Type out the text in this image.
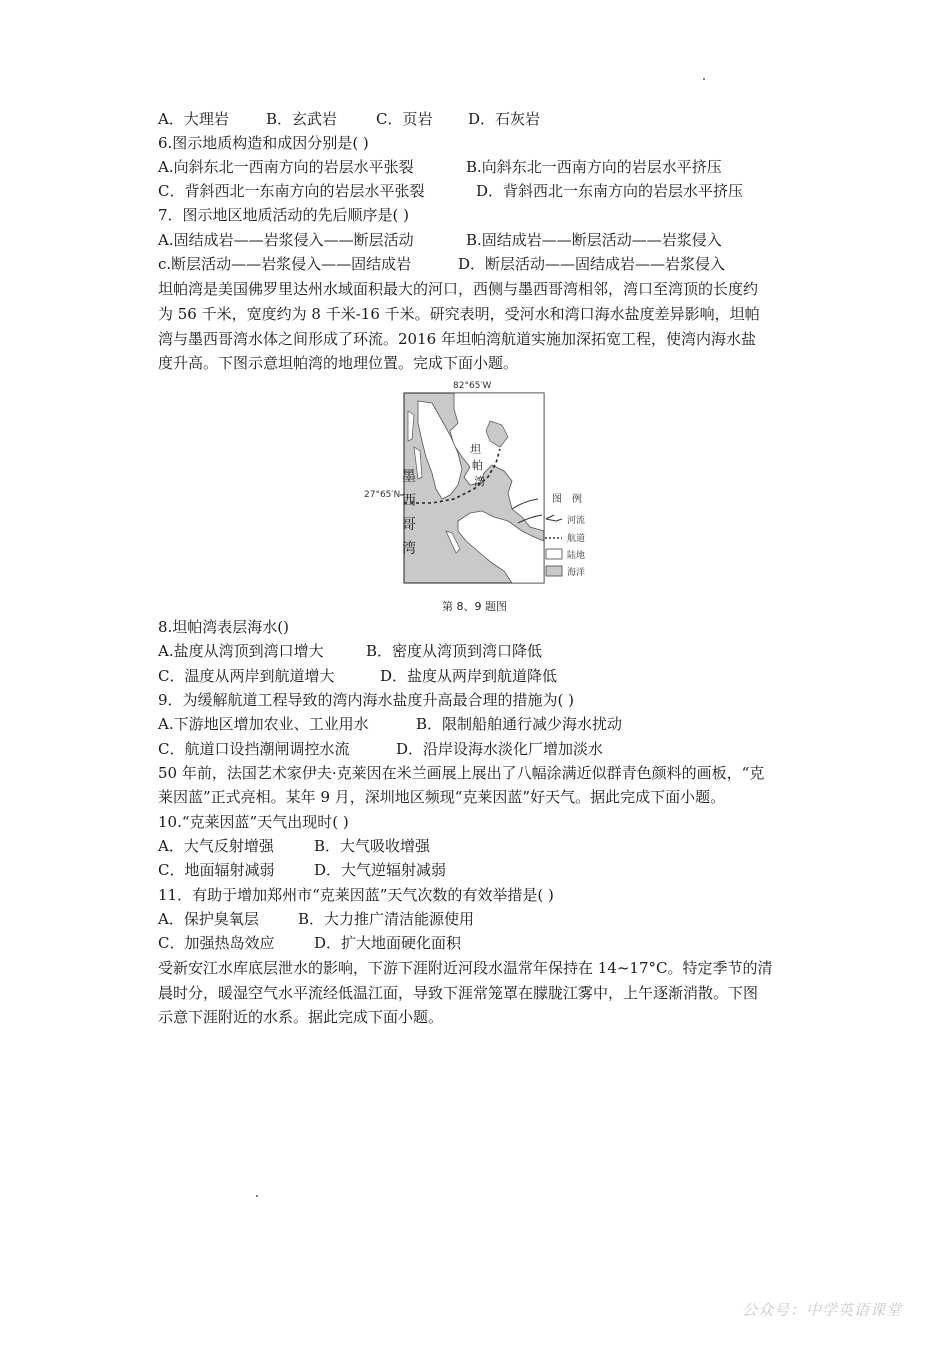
A．大理岩 B．玄武岩	C．页岩 D．石灰岩
6.图示地质构造和成因分别是( )
A.向斜东北一西南方向的岩层水平张裂	B.向斜东北一西南方向的岩层水平挤压
C．背斜西北一东南方向的岩层水平张裂	D．背斜西北一东南方向的岩层水平挤压
7．图示地区地质活动的先后顺序是( )
A.固结成岩——岩浆侵入——断层活动	B.固结成岩——断层活动——岩浆侵入
c.断层活动——岩浆侵入——固结成岩	D．断层活动——固结成岩——岩浆侵入
坦帕湾是美国佛罗里达州水域面积最大的河口，西侧与墨西哥湾相邻，湾口至湾顶的长度约
为 56 千米，宽度约为 8 千米-16 千米。研究表明，受河水和湾口海水盐度差异影响，坦帕
湾与墨西哥湾水体之间形成了环流。2016 年坦帕湾航道实施加深拓宽工程，使湾内海水盐
度升高。下图示意坦帕湾的地理位置。完成下面小题。
82°65′W
27°65′N
墨
西
哥
湾
坦
帕
湾
图　例
河流
航道
陆地
海洋
第 8、9 题图
8.坦帕湾表层海水()
A.盐度从湾顶到湾口增大	B．密度从湾顶到湾口降低
C．温度从两岸到航道增大	D．盐度从两岸到航道降低
9．为缓解航道工程导致的湾内海水盐度升高最合理的措施为( )
A.下游地区增加农业、工业用水	B．限制船舶通行减少海水扰动
C．航道口设挡潮闸调控水流	D．沿岸设海水淡化厂增加淡水
50 年前，法国艺术家伊夫·克莱因在米兰画展上展出了八幅涂满近似群青色颜料的画板，“克
莱因蓝”正式亮相。某年 9 月，深圳地区频现“克莱因蓝”好天气。据此完成下面小题。
10.“克莱因蓝”天气出现时( )
A．大气反射增强	B．大气吸收增强
C．地面辐射减弱	D．大气逆辐射减弱
11．有助于增加郑州市“克莱因蓝”天气次数的有效举措是( )
A．保护臭氧层	B．大力推广清洁能源使用
C．加强热岛效应	D．扩大地面硬化面积
受新安江水库底层泄水的影响，下游下涯附近河段水温常年保持在 14~17°C。特定季节的清
晨时分，暖湿空气水平流经低温江面，导致下涯常笼罩在朦胧江雾中，上午逐渐消散。下图
示意下涯附近的水系。据此完成下面小题。
公众号：中学英语课堂
